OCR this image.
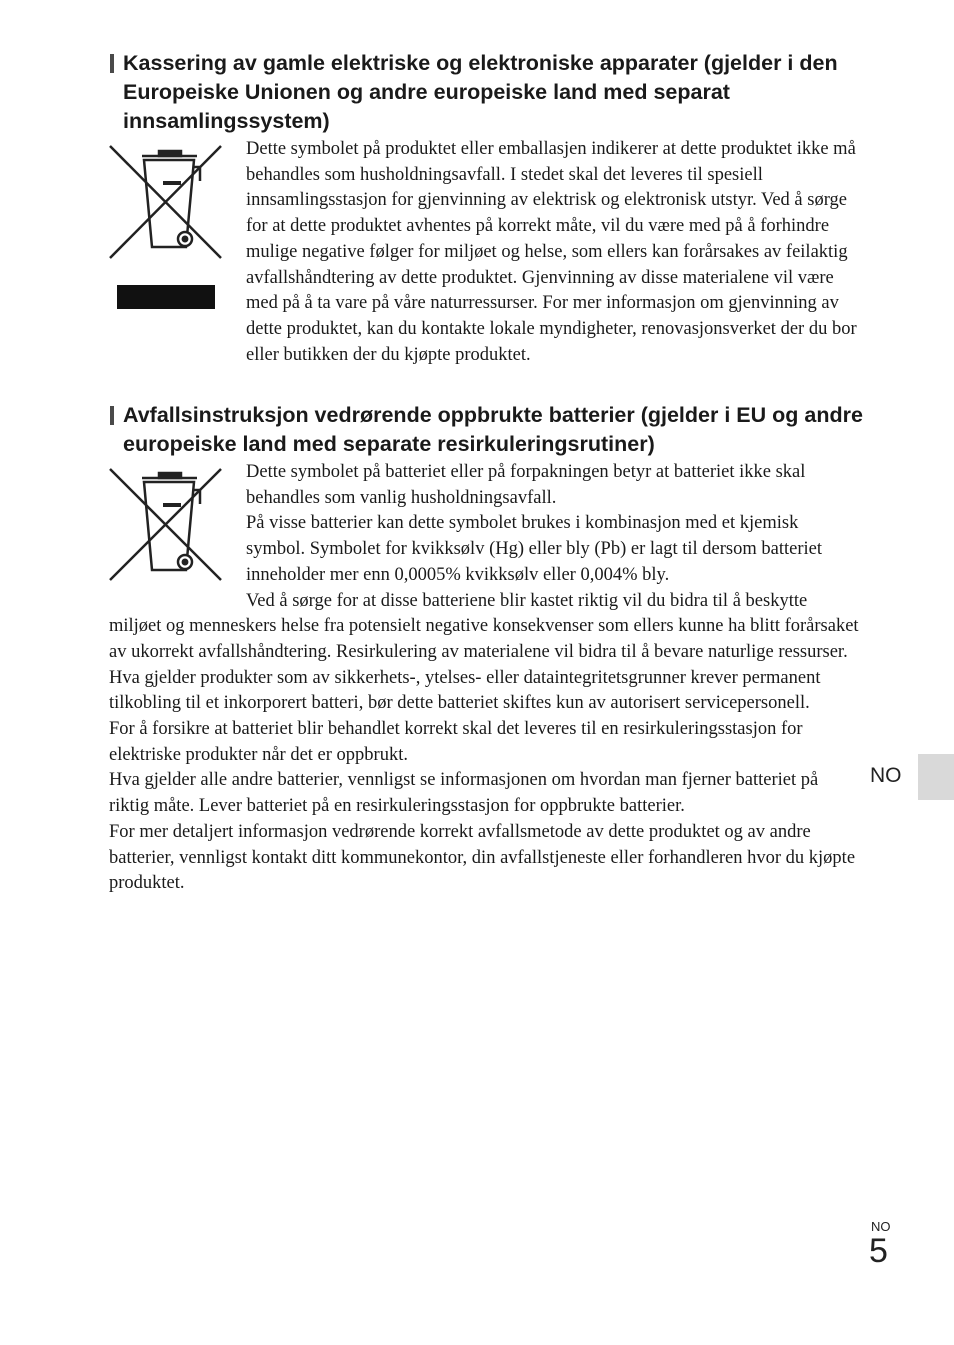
Kassering av gamle elektriske og elektroniske apparater (gjelder i den Europeiske Unionen og andre europeiske land med separat innsamlingssystem)

Dette symbolet på produktet eller emballasjen indikerer at dette produktet ikke må behandles som husholdningsavfall. I stedet skal det leveres til spesiell innsamlingsstasjon for gjenvinning av elektrisk og elektronisk utstyr. Ved å sørge for at dette produktet avhentes på korrekt måte, vil du være med på å forhindre mulige negative følger for miljøet og helse, som ellers kan forårsakes av feilaktig avfallshåndtering av dette produktet. Gjenvinning av disse materialene vil være med på å ta vare på våre naturressurser. For mer informasjon om gjenvinning av dette produktet, kan du kontakte lokale myndigheter, renovasjonsverket der du bor eller butikken der du kjøpte produktet.

Avfallsinstruksjon vedrørende oppbrukte batterier (gjelder i EU og andre europeiske land med separate resirkuleringsrutiner)

Dette symbolet på batteriet eller på forpakningen betyr at batteriet ikke skal behandles som vanlig husholdningsavfall.

På visse batterier kan dette symbolet brukes i kombinasjon med et kjemisk symbol. Symbolet for kvikksølv (Hg) eller bly (Pb) er lagt til dersom batteriet inneholder mer enn 0,0005% kvikksølv eller 0,004% bly.

Ved å sørge for at disse batteriene blir kastet riktig vil du bidra til å beskytte miljøet og menneskers helse fra potensielt negative konsekvenser som ellers kunne ha blitt forårsaket av ukorrekt avfallshåndtering. Resirkulering av materialene vil bidra til å bevare naturlige ressurser.

Hva gjelder produkter som av sikkerhets-, ytelses- eller dataintegritetsgrunner krever permanent tilkobling til et inkorporert batteri, bør dette batteriet skiftes kun av autorisert servicepersonell.

For å forsikre at batteriet blir behandlet korrekt skal det leveres til en resirkuleringsstasjon for elektriske produkter når det er oppbrukt.

Hva gjelder alle andre batterier, vennligst se informasjonen om hvordan man fjerner batteriet på riktig måte. Lever batteriet på en resirkuleringsstasjon for oppbrukte batterier.

For mer detaljert informasjon vedrørende korrekt avfallsmetode av dette produktet og av andre batterier, vennligst kontakt ditt kommunekontor, din avfallstjeneste eller forhandleren hvor du kjøpte produktet.

NO
NO
5
